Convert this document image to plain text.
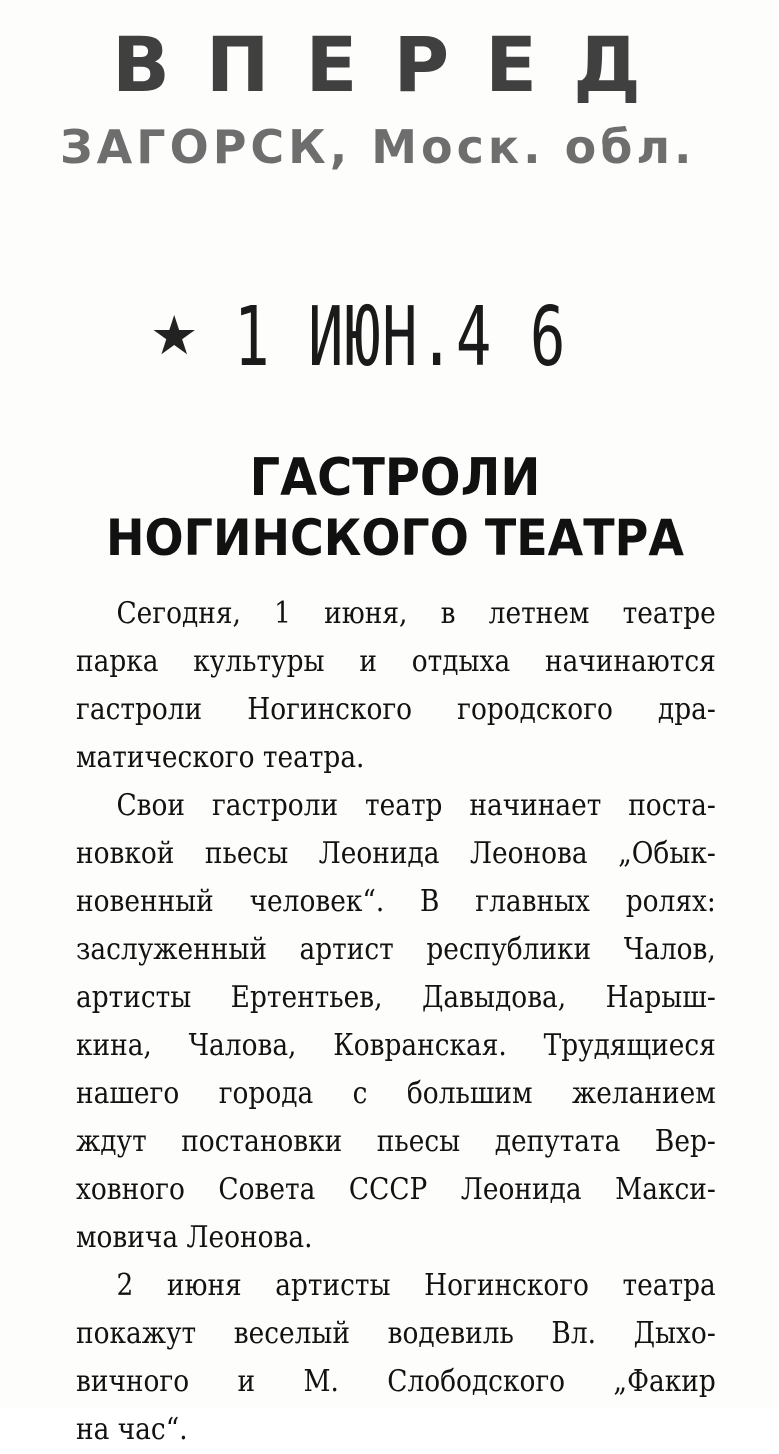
ВПЕРЕД
ЗАГОРСК, Моск. обл.
★ 1 ИЮН.4 6
ГАСТРОЛИ
НОГИНСКОГО ТЕАТРА
Сегодня, 1 июня, в летнем театре
парка культуры и отдыха начинаются
гастроли Ногинского городского дра-
матического театра.
Свои гастроли театр начинает поста-
новкой пьесы Леонида Леонова „Обык-
новенный человек“. В главных ролях:
заслуженный артист республики Чалов,
артисты Ертентьев, Давыдова, Нарыш-
кина, Чалова, Ковранская. Трудящиеся
нашего города с большим желанием
ждут постановки пьесы депутата Вер-
ховного Совета СССР Леонида Макси-
мовича Леонова.
2 июня артисты Ногинского театра
покажут веселый водевиль Вл. Дыхо-
вичного и М. Слободского „Факир
на час“.
